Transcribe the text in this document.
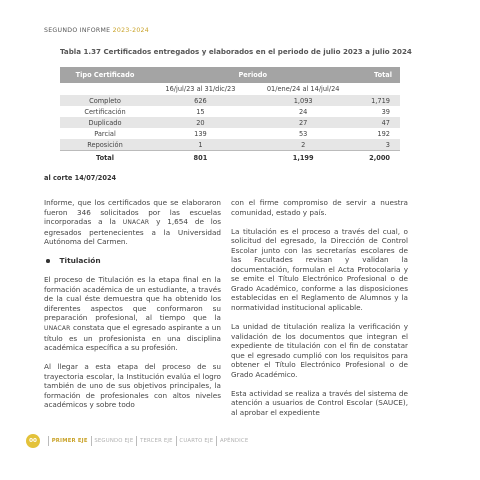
SEGUNDO INFORME 2023-2024
Tabla 1.37 Certificados entregados y elaborados en el periodo de julio 2023 a julio 2024
Tipo Certificado	Periodo		Total
	16/jul/23 al 31/dic/23	01/ene/24 al 14/jul/24	
Completo	626	1,093	1,719
Certificación	15	24	39
Duplicado	20	27	47
Parcial	139	53	192
Reposición	1	2	3
Total	801	1,199	2,000
al corte 14/07/2024

Informe, que los certificados que se elaboraron fueron 346 solicitados por las escuelas incorporadas a la UNACAR y 1,654 de los egresados pertenecientes a la Universidad Autónoma del Carmen.

Titulación

El proceso de Titulación es la etapa final en la formación académica de un estudiante, a través de la cual éste demuestra que ha obtenido los diferentes aspectos que conformaron su preparación profesional, al tiempo que la UNACAR constata que el egresado aspirante a un título es un profesionista en una disciplina académica específica a su profesión.

Al llegar a esta etapa del proceso de su trayectoria escolar, la Institución evalúa el logro también de uno de sus objetivos principales, la formación de profesionales con altos niveles académicos y sobre todo

con el firme compromiso de servir a nuestra comunidad, estado y país.

La titulación es el proceso a través del cual, o solicitud del egresado, la Dirección de Control Escolar junto con las secretarías escolares de las Facultades revisan y validan la documentación, formulan el Acta Protocolaria y se emite el Título Electrónico Profesional o de Grado Académico, conforme a las disposiciones establecidas en el Reglamento de Alumnos y la normatividad institucional aplicable.

La unidad de titulación realiza la verificación y validación de los documentos que integran el expediente de titulación con el fin de constatar que el egresado cumplió con los requisitos para obtener el Título Electrónico Profesional o de Grado Académico.

Esta actividad se realiza a través del sistema de atención a usuarios de Control Escolar (SAUCE), al aprobar el expediente

00	PRIMER EJE SEGUNDO EJE TERCER EJE CUARTO EJE APÉNDICE
